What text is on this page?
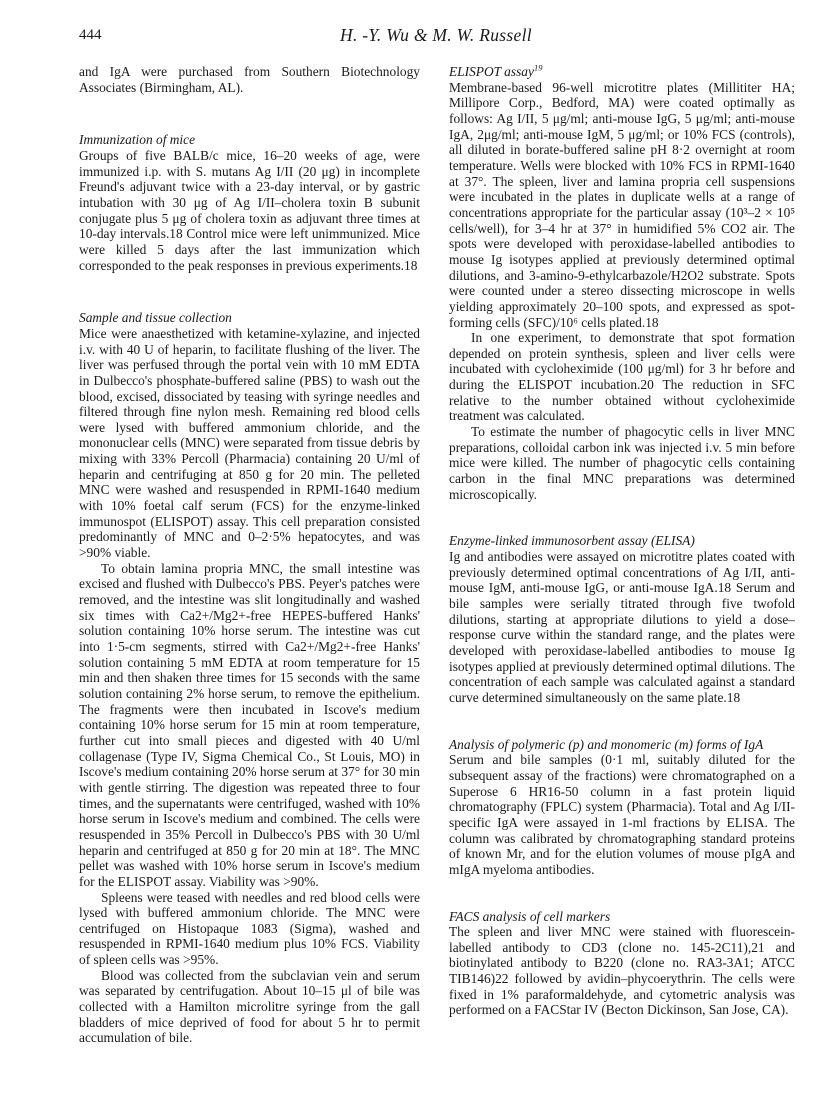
444	H. -Y. Wu & M. W. Russell

and IgA were purchased from Southern Biotechnology Associates (Birmingham, AL).

Immunization of mice

Groups of five BALB/c mice, 16–20 weeks of age, were immunized i.p. with S. mutans Ag I/II (20 μg) in incomplete Freund's adjuvant twice with a 23-day interval, or by gastric intubation with 30 μg of Ag I/II–cholera toxin B subunit conjugate plus 5 μg of cholera toxin as adjuvant three times at 10-day intervals.18 Control mice were left unimmunized. Mice were killed 5 days after the last immunization which corresponded to the peak responses in previous experiments.18

Sample and tissue collection

Mice were anaesthetized with ketamine-xylazine, and injected i.v. with 40 U of heparin, to facilitate flushing of the liver. The liver was perfused through the portal vein with 10 mM EDTA in Dulbecco's phosphate-buffered saline (PBS) to wash out the blood, excised, dissociated by teasing with syringe needles and filtered through fine nylon mesh. Remaining red blood cells were lysed with buffered ammonium chloride, and the mononuclear cells (MNC) were separated from tissue debris by mixing with 33% Percoll (Pharmacia) containing 20 U/ml of heparin and centrifuging at 850 g for 20 min. The pelleted MNC were washed and resuspended in RPMI-1640 medium with 10% foetal calf serum (FCS) for the enzyme-linked immunospot (ELISPOT) assay. This cell preparation consisted predominantly of MNC and 0–2·5% hepatocytes, and was >90% viable.

To obtain lamina propria MNC, the small intestine was excised and flushed with Dulbecco's PBS. Peyer's patches were removed, and the intestine was slit longitudinally and washed six times with Ca2+/Mg2+-free HEPES-buffered Hanks' solution containing 10% horse serum. The intestine was cut into 1·5-cm segments, stirred with Ca2+/Mg2+-free Hanks' solution containing 5 mM EDTA at room temperature for 15 min and then shaken three times for 15 seconds with the same solution containing 2% horse serum, to remove the epithelium. The fragments were then incubated in Iscove's medium containing 10% horse serum for 15 min at room temperature, further cut into small pieces and digested with 40 U/ml collagenase (Type IV, Sigma Chemical Co., St Louis, MO) in Iscove's medium containing 20% horse serum at 37° for 30 min with gentle stirring. The digestion was repeated three to four times, and the supernatants were centrifuged, washed with 10% horse serum in Iscove's medium and combined. The cells were resuspended in 35% Percoll in Dulbecco's PBS with 30 U/ml heparin and centrifuged at 850 g for 20 min at 18°. The MNC pellet was washed with 10% horse serum in Iscove's medium for the ELISPOT assay. Viability was >90%.

Spleens were teased with needles and red blood cells were lysed with buffered ammonium chloride. The MNC were centrifuged on Histopaque 1083 (Sigma), washed and resuspended in RPMI-1640 medium plus 10% FCS. Viability of spleen cells was >95%.

Blood was collected from the subclavian vein and serum was separated by centrifugation. About 10–15 μl of bile was collected with a Hamilton microlitre syringe from the gall bladders of mice deprived of food for about 5 hr to permit accumulation of bile.

ELISPOT assay$^{19}$

Membrane-based 96-well microtitre plates (Millititer HA; Millipore Corp., Bedford, MA) were coated optimally as follows: Ag I/II, 5 μg/ml; anti-mouse IgG, 5 μg/ml; anti-mouse IgA, 2μg/ml; anti-mouse IgM, 5 μg/ml; or 10% FCS (controls), all diluted in borate-buffered saline pH 8·2 overnight at room temperature. Wells were blocked with 10% FCS in RPMI-1640 at 37°. The spleen, liver and lamina propria cell suspensions were incubated in the plates in duplicate wells at a range of concentrations appropriate for the particular assay (10³–2 × 10⁵ cells/well), for 3–4 hr at 37° in humidified 5% CO2 air. The spots were developed with peroxidase-labelled antibodies to mouse Ig isotypes applied at previously determined optimal dilutions, and 3-amino-9-ethylcarbazole/H2O2 substrate. Spots were counted under a stereo dissecting microscope in wells yielding approximately 20–100 spots, and expressed as spot-forming cells (SFC)/10⁶ cells plated.18

In one experiment, to demonstrate that spot formation depended on protein synthesis, spleen and liver cells were incubated with cycloheximide (100 μg/ml) for 3 hr before and during the ELISPOT incubation.20 The reduction in SFC relative to the number obtained without cycloheximide treatment was calculated.

To estimate the number of phagocytic cells in liver MNC preparations, colloidal carbon ink was injected i.v. 5 min before mice were killed. The number of phagocytic cells containing carbon in the final MNC preparations was determined microscopically.

Enzyme-linked immunosorbent assay (ELISA)

Ig and antibodies were assayed on microtitre plates coated with previously determined optimal concentrations of Ag I/II, anti-mouse IgM, anti-mouse IgG, or anti-mouse IgA.18 Serum and bile samples were serially titrated through five twofold dilutions, starting at appropriate dilutions to yield a dose–response curve within the standard range, and the plates were developed with peroxidase-labelled antibodies to mouse Ig isotypes applied at previously determined optimal dilutions. The concentration of each sample was calculated against a standard curve determined simultaneously on the same plate.18

Analysis of polymeric (p) and monomeric (m) forms of IgA

Serum and bile samples (0·1 ml, suitably diluted for the subsequent assay of the fractions) were chromatographed on a Superose 6 HR16-50 column in a fast protein liquid chromatography (FPLC) system (Pharmacia). Total and Ag I/II-specific IgA were assayed in 1-ml fractions by ELISA. The column was calibrated by chromatographing standard proteins of known Mr, and for the elution volumes of mouse pIgA and mIgA myeloma antibodies.

FACS analysis of cell markers

The spleen and liver MNC were stained with fluorescein-labelled antibody to CD3 (clone no. 145-2C11),21 and biotinylated antibody to B220 (clone no. RA3-3A1; ATCC TIB146)22 followed by avidin–phycoerythrin. The cells were fixed in 1% paraformaldehyde, and cytometric analysis was performed on a FACStar IV (Becton Dickinson, San Jose, CA).
